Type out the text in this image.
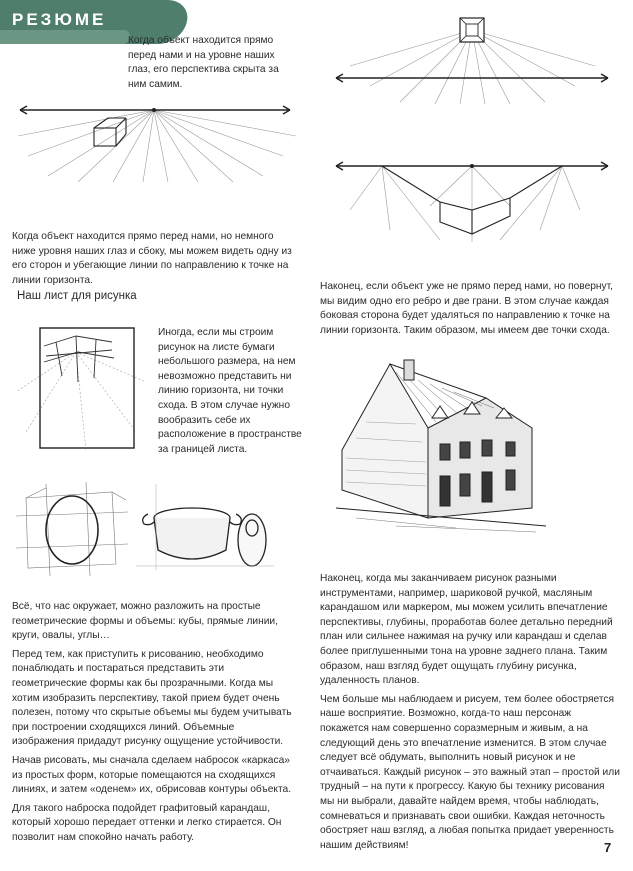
РЕЗЮМЕ

Когда объект находится прямо перед нами и на уровне наших глаз, его перспектива скрыта за ним самим.

Когда объект находится прямо перед нами, но немного ниже уровня наших глаз и сбоку, мы можем видеть одну из его сторон и убегающие линии по направлению к точке на линии горизонта.

Наш лист для рисунка

Иногда, если мы строим рисунок на листе бумаги небольшого размера, на нем невозможно представить ни линию горизонта, ни точки схода. В этом случае нужно вообразить себе их расположение в пространстве за границей листа.

Наконец, если объект уже не прямо перед нами, но повернут, мы видим одно его ребро и две грани. В этом случае каждая боковая сторона будет удаляться по направлению к точке на линии горизонта. Таким образом, мы имеем две точки схода.

Всё, что нас окружает, можно разложить на простые геометрические формы и объемы: кубы, прямые линии, круги, овалы, углы…

Перед тем, как приступить к рисованию, необходимо понаблюдать и постараться представить эти геометрические формы как бы прозрачными. Когда мы хотим изобразить перспективу, такой прием будет очень полезен, потому что скрытые объемы мы будем учитывать при построении сходящихся линий. Объемные изображения придадут рисунку ощущение устойчивости.

Начав рисовать, мы сначала сделаем набросок «каркаса» из простых форм, которые помещаются на сходящихся линиях, и затем «оденем» их, обрисовав контуры объекта.

Для такого наброска подойдет графитовый карандаш, который хорошо передает оттенки и легко стирается. Он позволит нам спокойно начать работу.

Наконец, когда мы заканчиваем рисунок разными инструментами, например, шариковой ручкой, масляным карандашом или маркером, мы можем усилить впечатление перспективы, глубины, проработав более детально передний план или сильнее нажимая на ручку или карандаш и сделав более приглушенными тона на уровне заднего плана. Таким образом, наш взгляд будет ощущать глубину рисунка, удаленность планов.

Чем больше мы наблюдаем и рисуем, тем более обостряется наше восприятие. Возможно, когда-то наш персонаж покажется нам совершенно соразмерным и живым, а на следующий день это впечатление изменится. В этом случае следует всё обдумать, выполнить новый рисунок и не отчаиваться. Каждый рисунок – это важный этап – простой или трудный – на пути к прогрессу. Какую бы технику рисования мы ни выбрали, давайте найдем время, чтобы наблюдать, сомневаться и признавать свои ошибки. Каждая неточность обостряет наш взгляд, а любая попытка придает уверенность нашим действиям!	7
